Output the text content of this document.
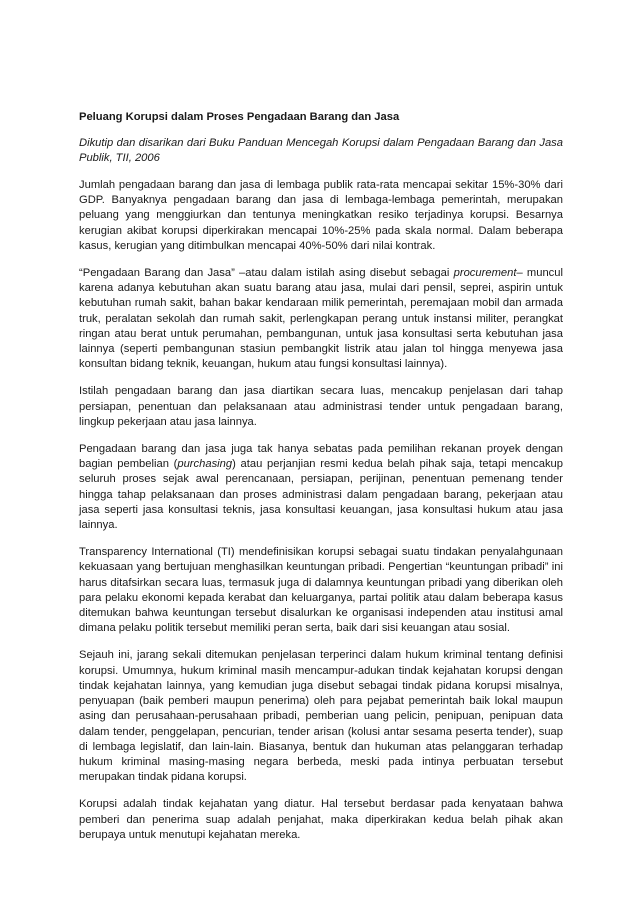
Peluang Korupsi dalam Proses Pengadaan Barang dan Jasa
Dikutip dan disarikan dari Buku Panduan Mencegah Korupsi dalam Pengadaan Barang dan Jasa Publik, TII, 2006

Jumlah pengadaan barang dan jasa di lembaga publik rata-rata mencapai sekitar 15%-30% dari GDP. Banyaknya pengadaan barang dan jasa di lembaga-lembaga pemerintah, merupakan peluang yang menggiurkan dan tentunya meningkatkan resiko terjadinya korupsi. Besarnya kerugian akibat korupsi diperkirakan mencapai 10%-25% pada skala normal. Dalam beberapa kasus, kerugian yang ditimbulkan mencapai 40%-50% dari nilai kontrak.

“Pengadaan Barang dan Jasa” –atau dalam istilah asing disebut sebagai procurement– muncul karena adanya kebutuhan akan suatu barang atau jasa, mulai dari pensil, seprei, aspirin untuk kebutuhan rumah sakit, bahan bakar kendaraan milik pemerintah, peremajaan mobil dan armada truk, peralatan sekolah dan rumah sakit, perlengkapan perang untuk instansi militer, perangkat ringan atau berat untuk perumahan, pembangunan, untuk jasa konsultasi serta kebutuhan jasa lainnya (seperti pembangunan stasiun pembangkit listrik atau jalan tol hingga menyewa jasa konsultan bidang teknik, keuangan, hukum atau fungsi konsultasi lainnya).

Istilah pengadaan barang dan jasa diartikan secara luas, mencakup penjelasan dari tahap persiapan, penentuan dan pelaksanaan atau administrasi tender untuk pengadaan barang, lingkup pekerjaan atau jasa lainnya.

Pengadaan barang dan jasa juga tak hanya sebatas pada pemilihan rekanan proyek dengan bagian pembelian (purchasing) atau perjanjian resmi kedua belah pihak saja, tetapi mencakup seluruh proses sejak awal perencanaan, persiapan, perijinan, penentuan pemenang tender hingga tahap pelaksanaan dan proses administrasi dalam pengadaan barang, pekerjaan atau jasa seperti jasa konsultasi teknis, jasa konsultasi keuangan, jasa konsultasi hukum atau jasa lainnya.

Transparency International (TI) mendefinisikan korupsi sebagai suatu tindakan penyalahgunaan kekuasaan yang bertujuan menghasilkan keuntungan pribadi. Pengertian “keuntungan pribadi” ini harus ditafsirkan secara luas, termasuk juga di dalamnya keuntungan pribadi yang diberikan oleh para pelaku ekonomi kepada kerabat dan keluarganya, partai politik atau dalam beberapa kasus ditemukan bahwa keuntungan tersebut disalurkan ke organisasi independen atau institusi amal dimana pelaku politik tersebut memiliki peran serta, baik dari sisi keuangan atau sosial.

Sejauh ini, jarang sekali ditemukan penjelasan terperinci dalam hukum kriminal tentang definisi korupsi. Umumnya, hukum kriminal masih mencampur-adukan tindak kejahatan korupsi dengan tindak kejahatan lainnya, yang kemudian juga disebut sebagai tindak pidana korupsi misalnya, penyuapan (baik pemberi maupun penerima) oleh para pejabat pemerintah baik lokal maupun asing dan perusahaan-perusahaan pribadi, pemberian uang pelicin, penipuan, penipuan data dalam tender, penggelapan, pencurian, tender arisan (kolusi antar sesama peserta tender), suap di lembaga legislatif, dan lain-lain. Biasanya, bentuk dan hukuman atas pelanggaran terhadap hukum kriminal masing-masing negara berbeda, meski pada intinya perbuatan tersebut merupakan tindak pidana korupsi.

Korupsi adalah tindak kejahatan yang diatur. Hal tersebut berdasar pada kenyataan bahwa pemberi dan penerima suap adalah penjahat, maka diperkirakan kedua belah pihak akan berupaya untuk menutupi kejahatan mereka.
